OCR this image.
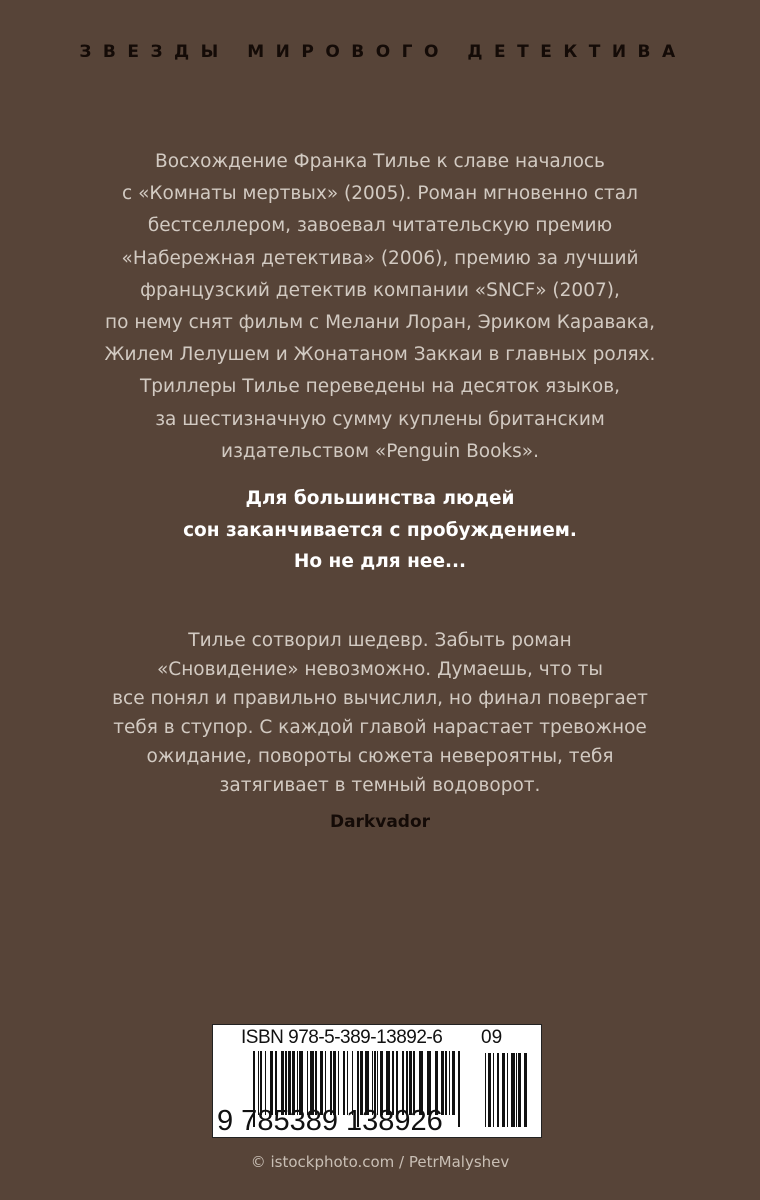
ЗВЕЗДЫ МИРОВОГО ДЕТЕКТИВА
Восхождение Франка Тилье к славе началось
с «Комнаты мертвых» (2005). Роман мгновенно стал
бестселлером, завоевал читательскую премию
«Набережная детектива» (2006), премию за лучший
французский детектив компании «SNCF» (2007),
по нему снят фильм с Мелани Лоран, Эриком Каравака,
Жилем Лелушем и Жонатаном Заккаи в главных ролях.
Триллеры Тилье переведены на десяток языков,
за шестизначную сумму куплены британским
издательством «Penguin Books».
Для большинства людей
сон заканчивается с пробуждением.
Но не для нее...
Тилье сотворил шедевр. Забыть роман
«Сновидение» невозможно. Думаешь, что ты
все понял и правильно вычислил, но финал повергает
тебя в ступор. С каждой главой нарастает тревожное
ожидание, повороты сюжета невероятны, тебя
затягивает в темный водоворот.
Darkvador
ISBN 978-5-389-13892-6 09
9 785389 138926
© istockphoto.com / PetrMalyshev
